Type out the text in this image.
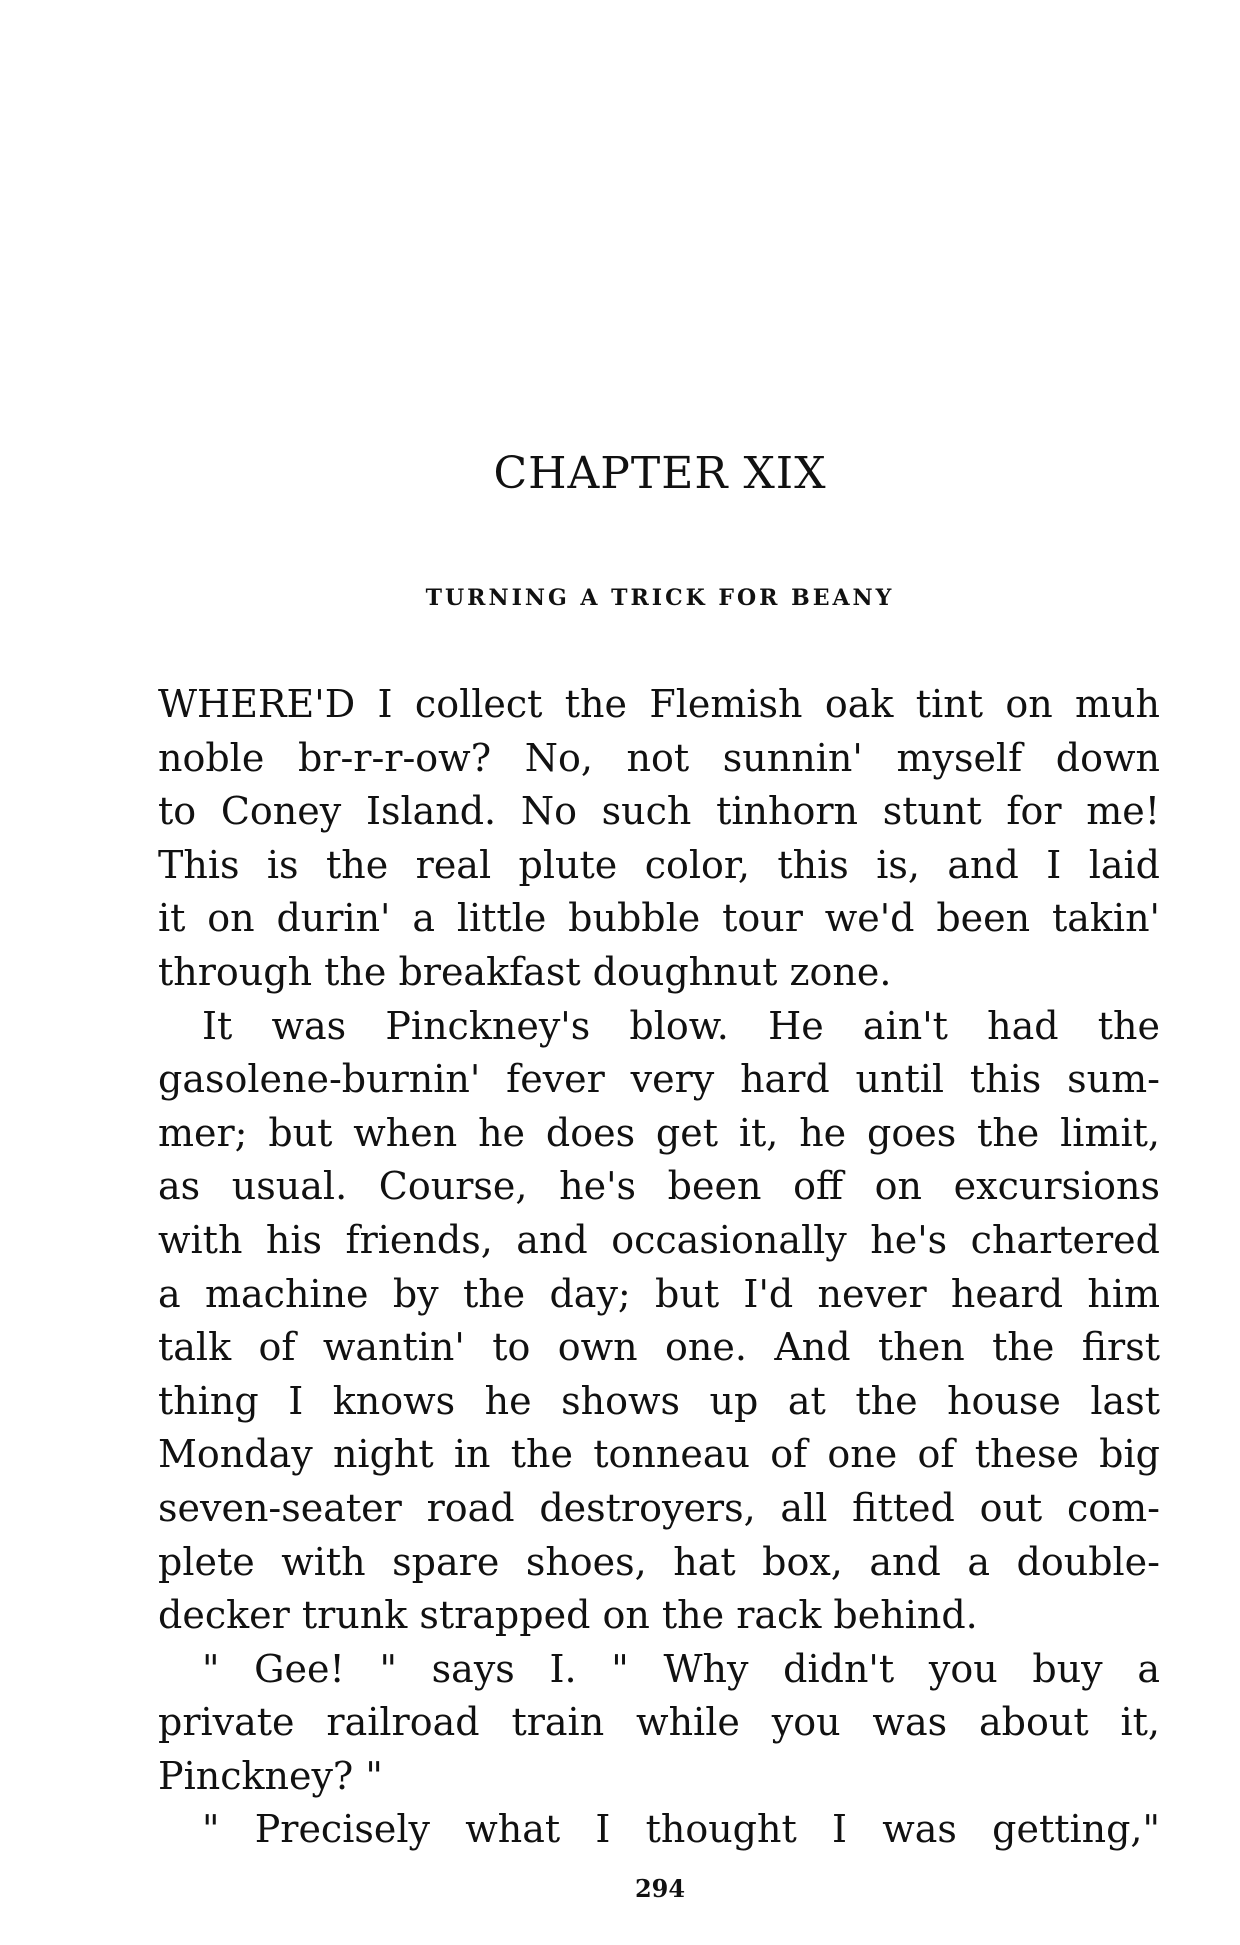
CHAPTER XIX
TURNING A TRICK FOR BEANY
WHERE'D I collect the Flemish oak tint on muh
noble br-r-r-ow? No, not sunnin' myself down
to Coney Island. No such tinhorn stunt for me!
This is the real plute color, this is, and I laid
it on durin' a little bubble tour we'd been takin'
through the breakfast doughnut zone.
It was Pinckney's blow. He ain't had the
gasolene-burnin' fever very hard until this sum-
mer; but when he does get it, he goes the limit,
as usual. Course, he's been off on excursions
with his friends, and occasionally he's chartered
a machine by the day; but I'd never heard him
talk of wantin' to own one. And then the first
thing I knows he shows up at the house last
Monday night in the tonneau of one of these big
seven-seater road destroyers, all fitted out com-
plete with spare shoes, hat box, and a double-
decker trunk strapped on the rack behind.
" Gee! " says I. " Why didn't you buy a
private railroad train while you was about it,
Pinckney? "
" Precisely what I thought I was getting,"
294
